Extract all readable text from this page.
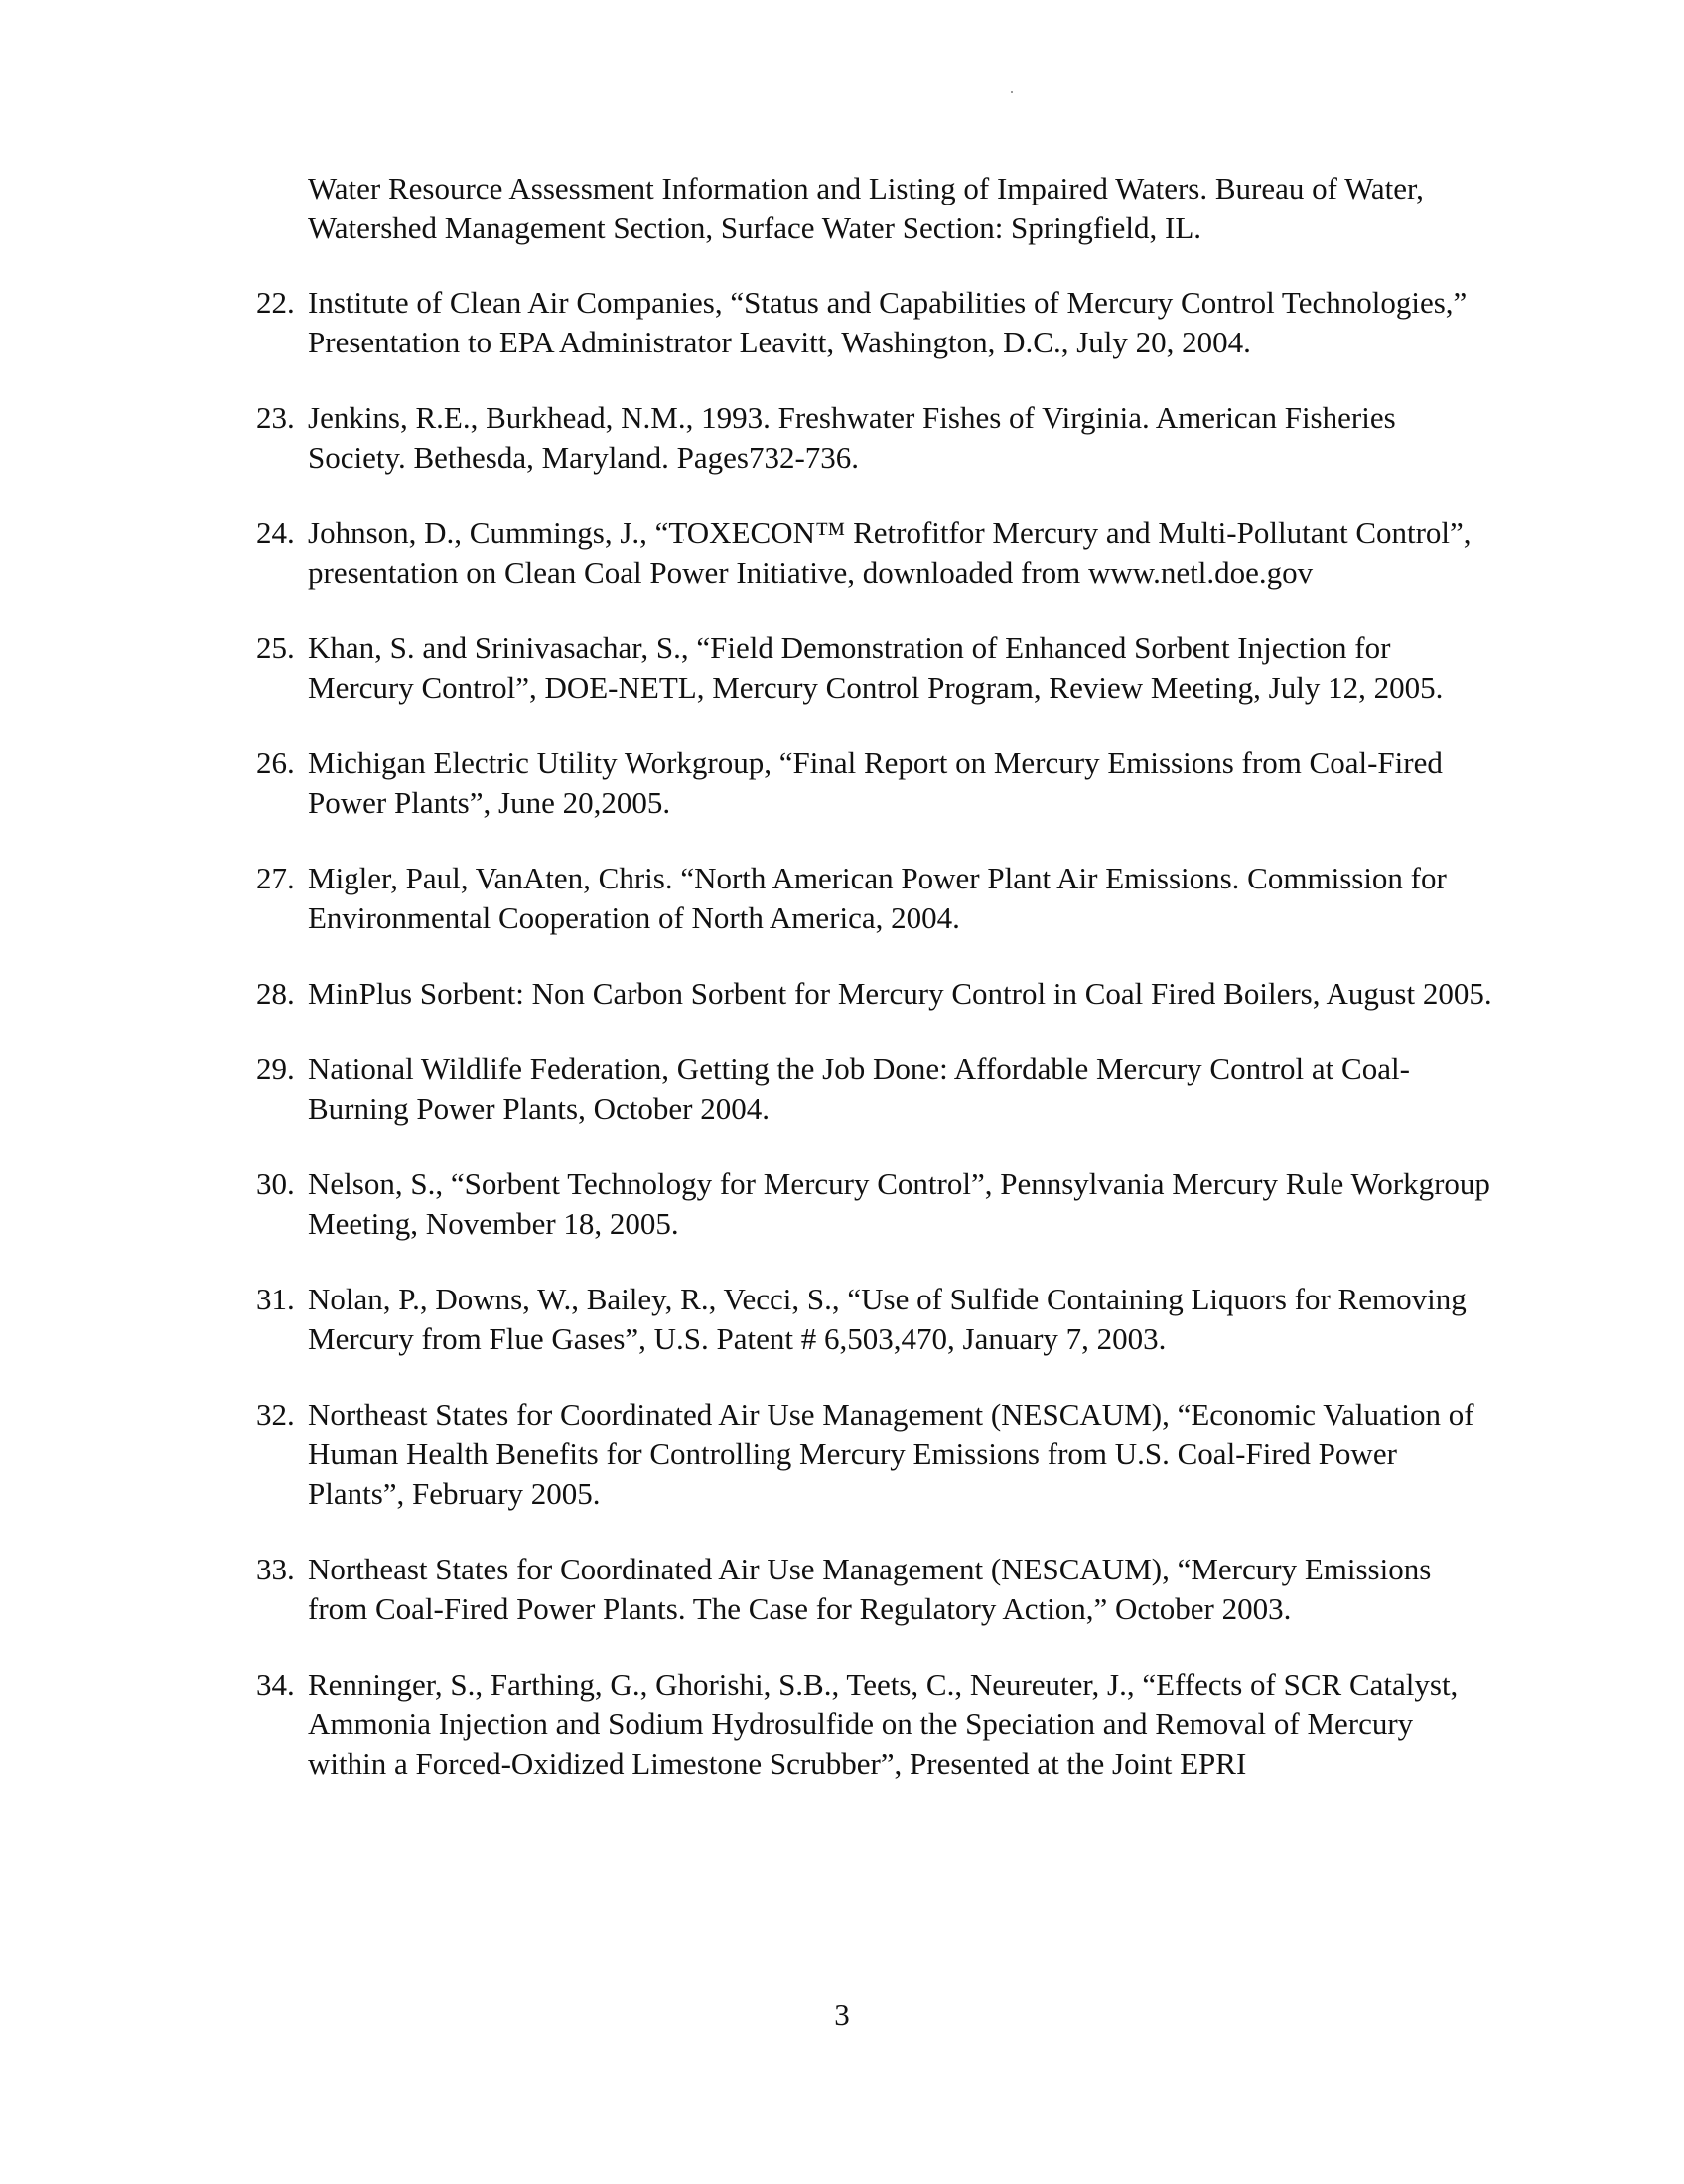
Water Resource Assessment Information and Listing of Impaired Waters. Bureau of Water, Watershed Management Section, Surface Water Section: Springfield, IL.

22. Institute of Clean Air Companies, “Status and Capabilities of Mercury Control Technologies,” Presentation to EPA Administrator Leavitt, Washington, D.C., July 20, 2004.
23. Jenkins, R.E., Burkhead, N.M., 1993. Freshwater Fishes of Virginia. American Fisheries Society. Bethesda, Maryland. Pages732-736.
24. Johnson, D., Cummings, J., “TOXECON™ Retrofitfor Mercury and Multi-Pollutant Control”, presentation on Clean Coal Power Initiative, downloaded from www.netl.doe.gov
25. Khan, S. and Srinivasachar, S., “Field Demonstration of Enhanced Sorbent Injection for Mercury Control”, DOE-NETL, Mercury Control Program, Review Meeting, July 12, 2005.
26. Michigan Electric Utility Workgroup, “Final Report on Mercury Emissions from Coal-Fired Power Plants”, June 20,2005.
27. Migler, Paul, VanAten, Chris. “North American Power Plant Air Emissions. Commission for Environmental Cooperation of North America, 2004.
28. MinPlus Sorbent: Non Carbon Sorbent for Mercury Control in Coal Fired Boilers, August 2005.
29. National Wildlife Federation, Getting the Job Done: Affordable Mercury Control at Coal-Burning Power Plants, October 2004.
30. Nelson, S., “Sorbent Technology for Mercury Control”, Pennsylvania Mercury Rule Workgroup Meeting, November 18, 2005.
31. Nolan, P., Downs, W., Bailey, R., Vecci, S., “Use of Sulfide Containing Liquors for Removing Mercury from Flue Gases”, U.S. Patent # 6,503,470, January 7, 2003.
32. Northeast States for Coordinated Air Use Management (NESCAUM), “Economic Valuation of Human Health Benefits for Controlling Mercury Emissions from U.S. Coal-Fired Power Plants”, February 2005.
33. Northeast States for Coordinated Air Use Management (NESCAUM), “Mercury Emissions from Coal-Fired Power Plants. The Case for Regulatory Action,” October 2003.
34. Renninger, S., Farthing, G., Ghorishi, S.B., Teets, C., Neureuter, J., “Effects of SCR Catalyst, Ammonia Injection and Sodium Hydrosulfide on the Speciation and Removal of Mercury within a Forced-Oxidized Limestone Scrubber”, Presented at the Joint EPRI
3
